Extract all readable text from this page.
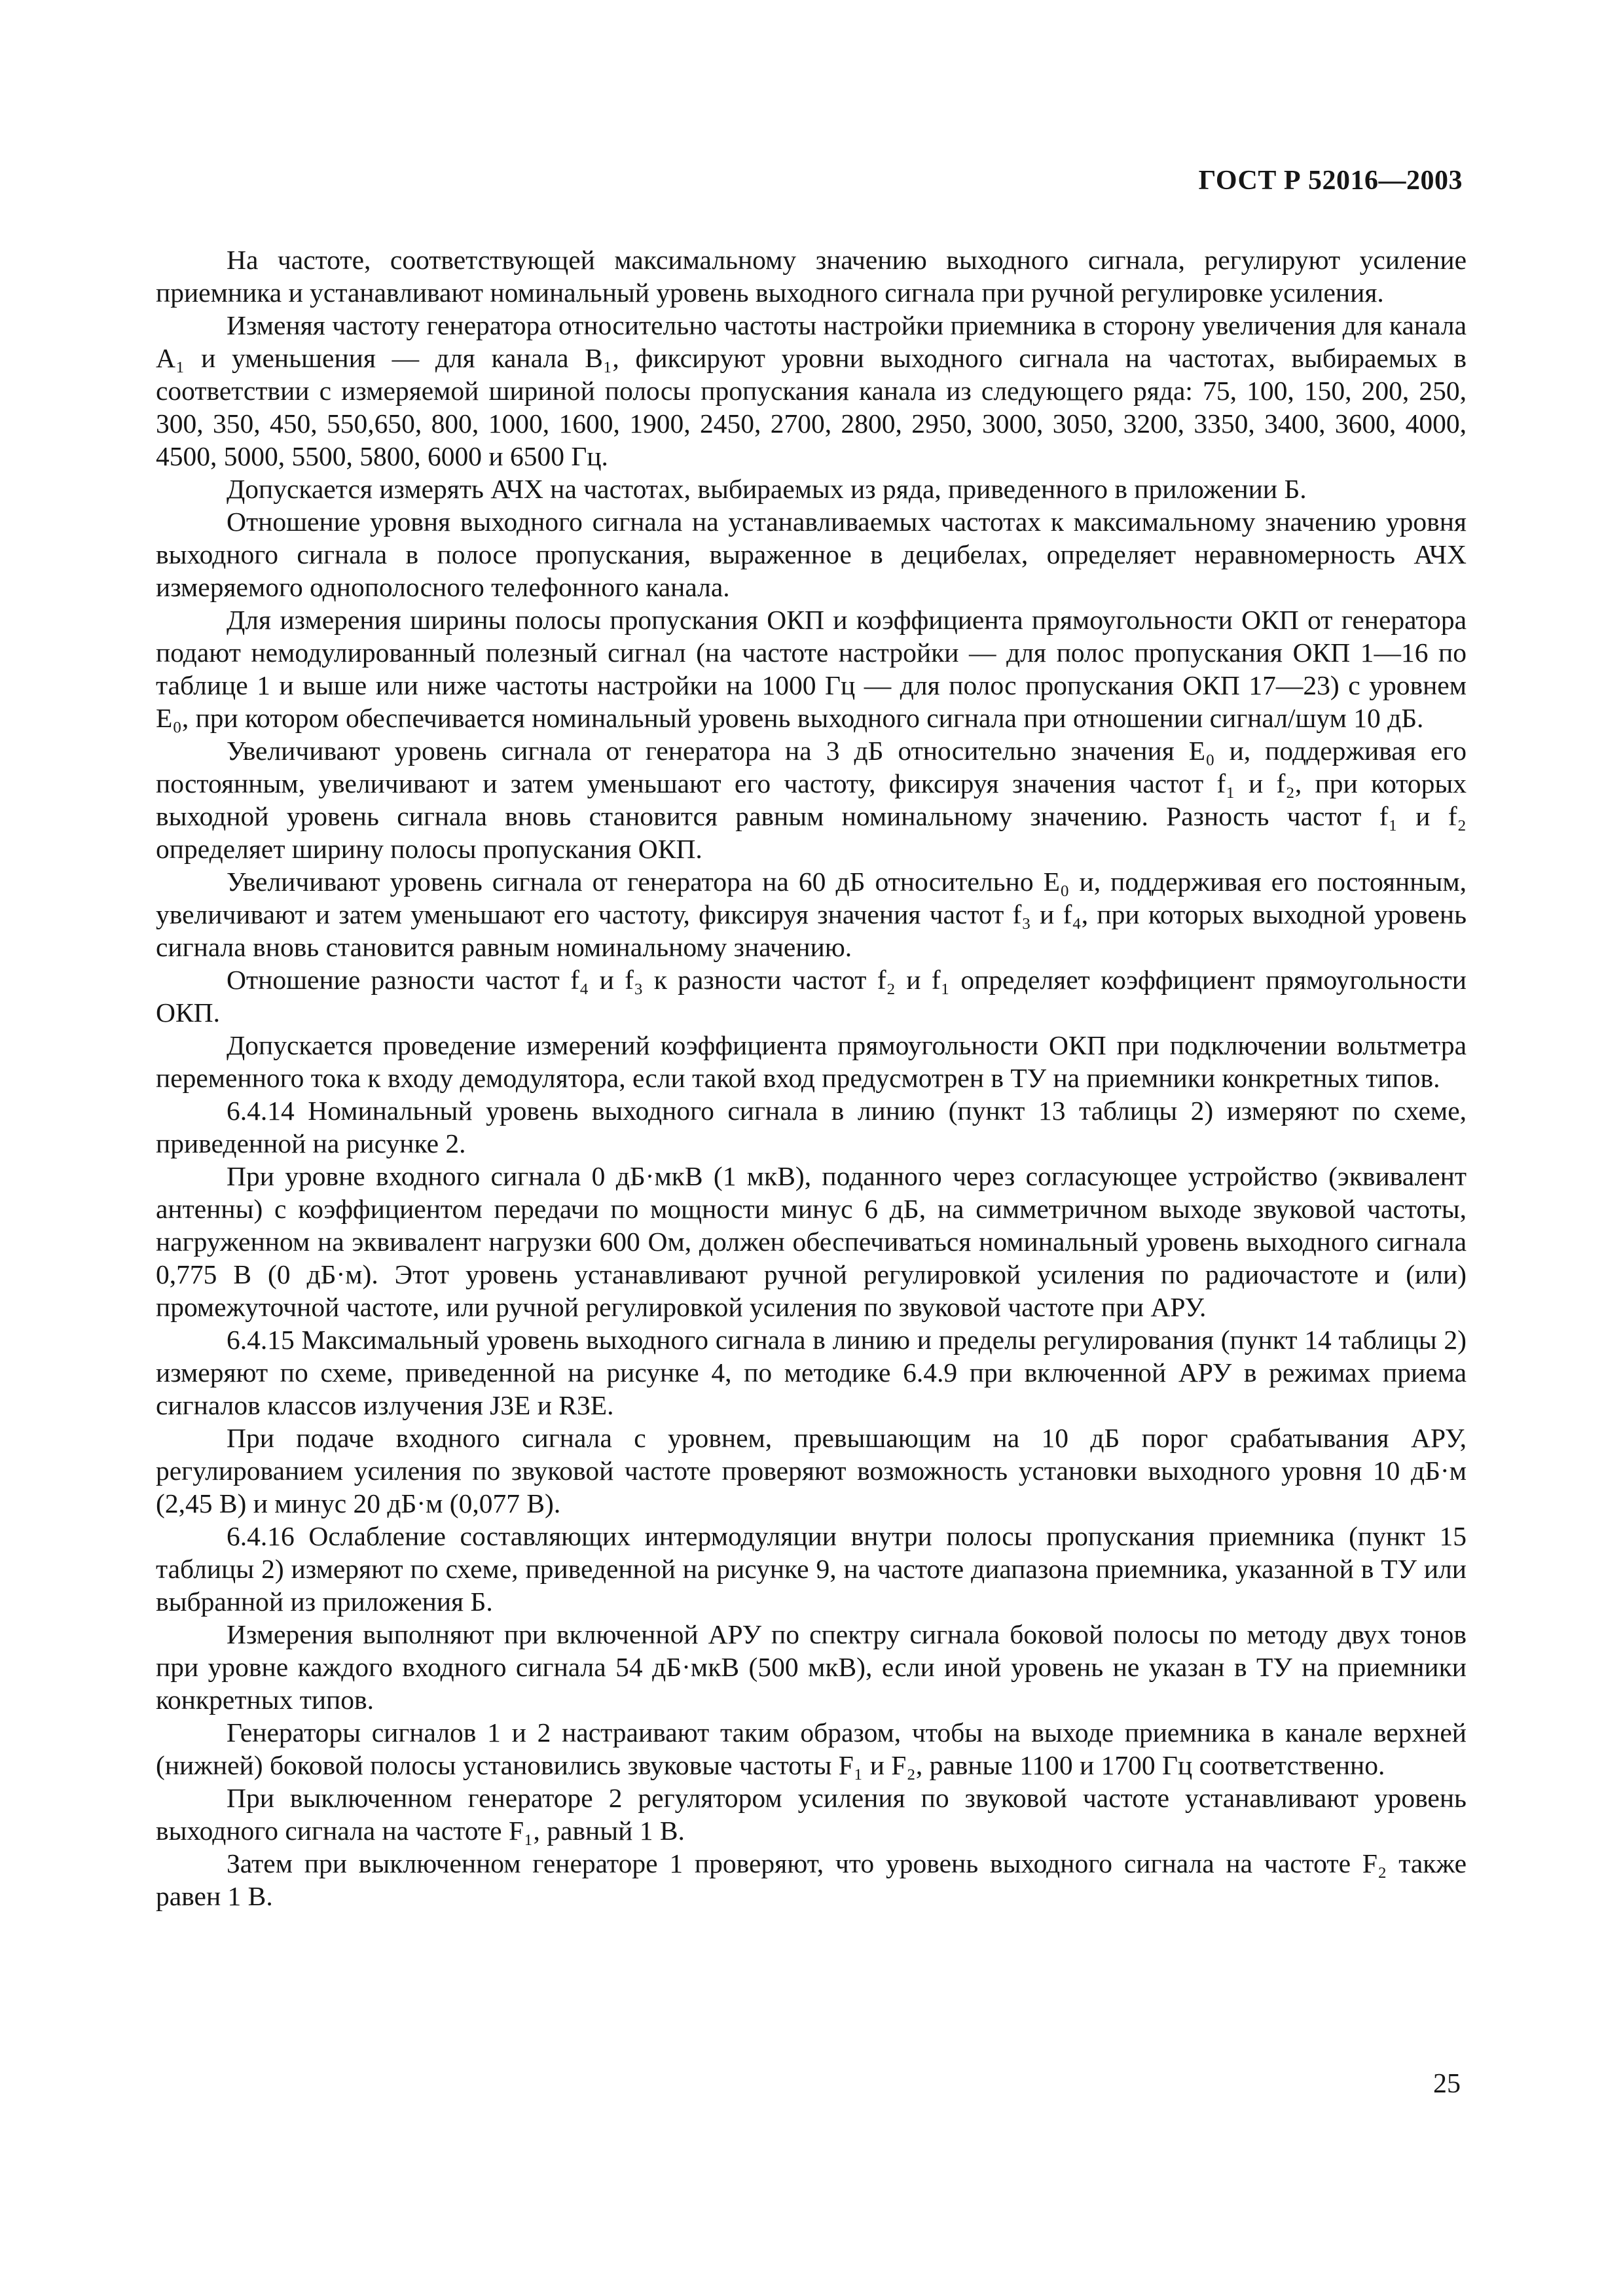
ГОСТ Р 52016—2003

На частоте, соответствующей максимальному значению выходного сигнала, регулируют усиление приемника и устанавливают номинальный уровень выходного сигнала при ручной регулировке усиления.

Изменяя частоту генератора относительно частоты настройки приемника в сторону увеличения для канала A₁ и уменьшения — для канала B₁, фиксируют уровни выходного сигнала на частотах, выбираемых в соответствии с измеряемой шириной полосы пропускания канала из следующего ряда: 75, 100, 150, 200, 250, 300, 350, 450, 550,650, 800, 1000, 1600, 1900, 2450, 2700, 2800, 2950, 3000, 3050, 3200, 3350, 3400, 3600, 4000, 4500, 5000, 5500, 5800, 6000 и 6500 Гц.

Допускается измерять АЧХ на частотах, выбираемых из ряда, приведенного в приложении Б.

Отношение уровня выходного сигнала на устанавливаемых частотах к максимальному значению уровня выходного сигнала в полосе пропускания, выраженное в децибелах, определяет неравномерность АЧХ измеряемого однополосного телефонного канала.

Для измерения ширины полосы пропускания ОКП и коэффициента прямоугольности ОКП от генератора подают немодулированный полезный сигнал (на частоте настройки — для полос пропускания ОКП 1—16 по таблице 1 и выше или ниже частоты настройки на 1000 Гц — для полос пропускания ОКП 17—23) с уровнем E₀, при котором обеспечивается номинальный уровень выходного сигнала при отношении сигнал/шум 10 дБ.

Увеличивают уровень сигнала от генератора на 3 дБ относительно значения E₀ и, поддерживая его постоянным, увеличивают и затем уменьшают его частоту, фиксируя значения частот f₁ и f₂, при которых выходной уровень сигнала вновь становится равным номинальному значению. Разность частот f₁ и f₂ определяет ширину полосы пропускания ОКП.

Увеличивают уровень сигнала от генератора на 60 дБ относительно E₀ и, поддерживая его постоянным, увеличивают и затем уменьшают его частоту, фиксируя значения частот f₃ и f₄, при которых выходной уровень сигнала вновь становится равным номинальному значению.

Отношение разности частот f₄ и f₃ к разности частот f₂ и f₁ определяет коэффициент прямоугольности ОКП.

Допускается проведение измерений коэффициента прямоугольности ОКП при подключении вольтметра переменного тока к входу демодулятора, если такой вход предусмотрен в ТУ на приемники конкретных типов.

6.4.14 Номинальный уровень выходного сигнала в линию (пункт 13 таблицы 2) измеряют по схеме, приведенной на рисунке 2.

При уровне входного сигнала 0 дБ·мкВ (1 мкВ), поданного через согласующее устройство (эквивалент антенны) с коэффициентом передачи по мощности минус 6 дБ, на симметричном выходе звуковой частоты, нагруженном на эквивалент нагрузки 600 Ом, должен обеспечиваться номинальный уровень выходного сигнала 0,775 В (0 дБ·м). Этот уровень устанавливают ручной регулировкой усиления по радиочастоте и (или) промежуточной частоте, или ручной регулировкой усиления по звуковой частоте при АРУ.

6.4.15 Максимальный уровень выходного сигнала в линию и пределы регулирования (пункт 14 таблицы 2) измеряют по схеме, приведенной на рисунке 4, по методике 6.4.9 при включенной АРУ в режимах приема сигналов классов излучения J3E и R3E.

При подаче входного сигнала с уровнем, превышающим на 10 дБ порог срабатывания АРУ, регулированием усиления по звуковой частоте проверяют возможность установки выходного уровня 10 дБ·м (2,45 В) и минус 20 дБ·м (0,077 В).

6.4.16 Ослабление составляющих интермодуляции внутри полосы пропускания приемника (пункт 15 таблицы 2) измеряют по схеме, приведенной на рисунке 9, на частоте диапазона приемника, указанной в ТУ или выбранной из приложения Б.

Измерения выполняют при включенной АРУ по спектру сигнала боковой полосы по методу двух тонов при уровне каждого входного сигнала 54 дБ·мкВ (500 мкВ), если иной уровень не указан в ТУ на приемники конкретных типов.

Генераторы сигналов 1 и 2 настраивают таким образом, чтобы на выходе приемника в канале верхней (нижней) боковой полосы установились звуковые частоты F₁ и F₂, равные 1100 и 1700 Гц соответственно.

При выключенном генераторе 2 регулятором усиления по звуковой частоте устанавливают уровень выходного сигнала на частоте F₁, равный 1 В.

Затем при выключенном генераторе 1 проверяют, что уровень выходного сигнала на частоте F₂ также равен 1 В.

25
